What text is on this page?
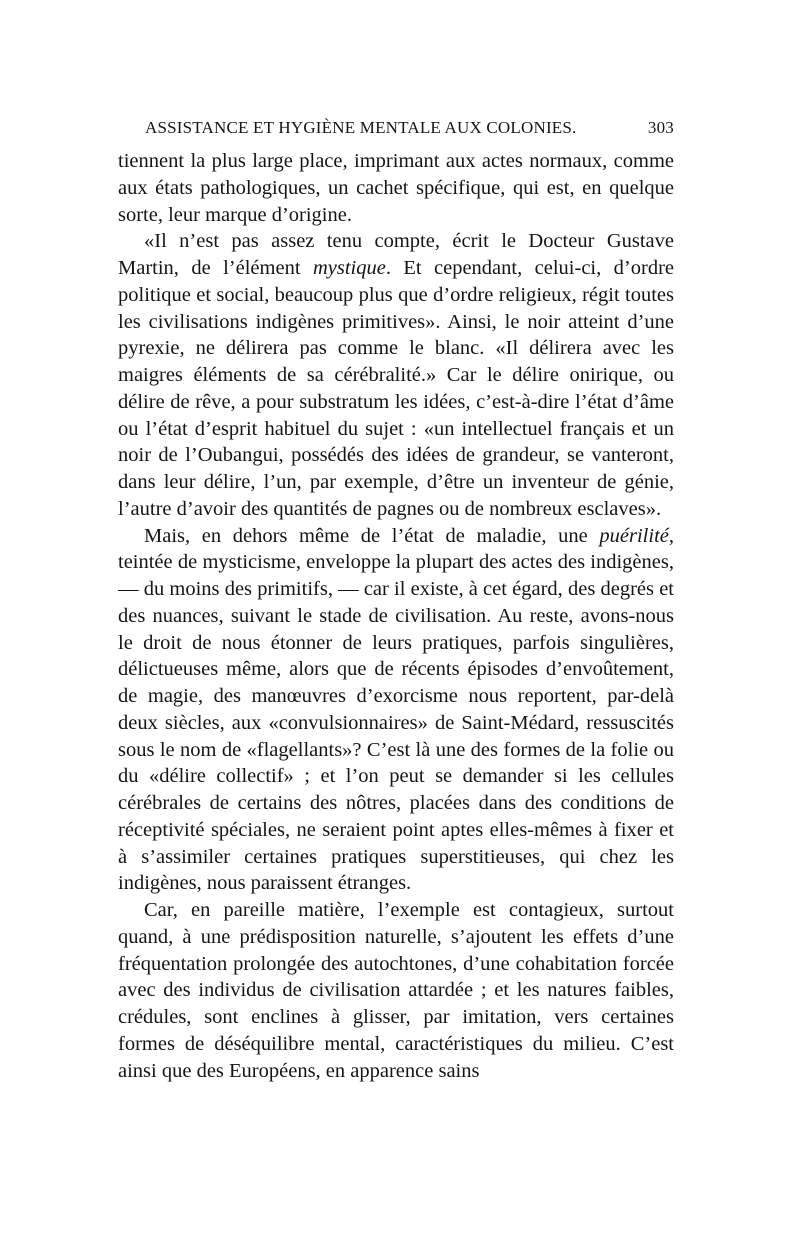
ASSISTANCE ET HYGIÈNE MENTALE AUX COLONIES.	303

tiennent la plus large place, imprimant aux actes normaux, comme aux états pathologiques, un cachet spécifique, qui est, en quelque sorte, leur marque d’origine.

«Il n’est pas assez tenu compte, écrit le Docteur Gustave Martin, de l’élément mystique. Et cependant, celui-ci, d’ordre politique et social, beaucoup plus que d’ordre religieux, régit toutes les civilisations indigènes primitives». Ainsi, le noir atteint d’une pyrexie, ne délirera pas comme le blanc. «Il délirera avec les maigres éléments de sa cérébralité.» Car le délire onirique, ou délire de rêve, a pour substratum les idées, c’est-à-dire l’état d’âme ou l’état d’esprit habituel du sujet : «un intellectuel français et un noir de l’Oubangui, possédés des idées de grandeur, se vanteront, dans leur délire, l’un, par exemple, d’être un inventeur de génie, l’autre d’avoir des quantités de pagnes ou de nombreux esclaves».

Mais, en dehors même de l’état de maladie, une puérilité, teintée de mysticisme, enveloppe la plupart des actes des indigènes, — du moins des primitifs, — car il existe, à cet égard, des degrés et des nuances, suivant le stade de civilisation. Au reste, avons-nous le droit de nous étonner de leurs pratiques, parfois singulières, délictueuses même, alors que de récents épisodes d’envoûtement, de magie, des manœuvres d’exorcisme nous reportent, par-delà deux siècles, aux «convulsionnaires» de Saint-Médard, ressuscités sous le nom de «flagellants»? C’est là une des formes de la folie ou du «délire collectif» ; et l’on peut se demander si les cellules cérébrales de certains des nôtres, placées dans des conditions de réceptivité spéciales, ne seraient point aptes elles-mêmes à fixer et à s’assimiler certaines pratiques superstitieuses, qui chez les indigènes, nous paraissent étranges.

Car, en pareille matière, l’exemple est contagieux, surtout quand, à une prédisposition naturelle, s’ajoutent les effets d’une fréquentation prolongée des autochtones, d’une cohabitation forcée avec des individus de civilisation attardée ; et les natures faibles, crédules, sont enclines à glisser, par imitation, vers certaines formes de déséquilibre mental, caractéristiques du milieu. C’est ainsi que des Européens, en apparence sains
